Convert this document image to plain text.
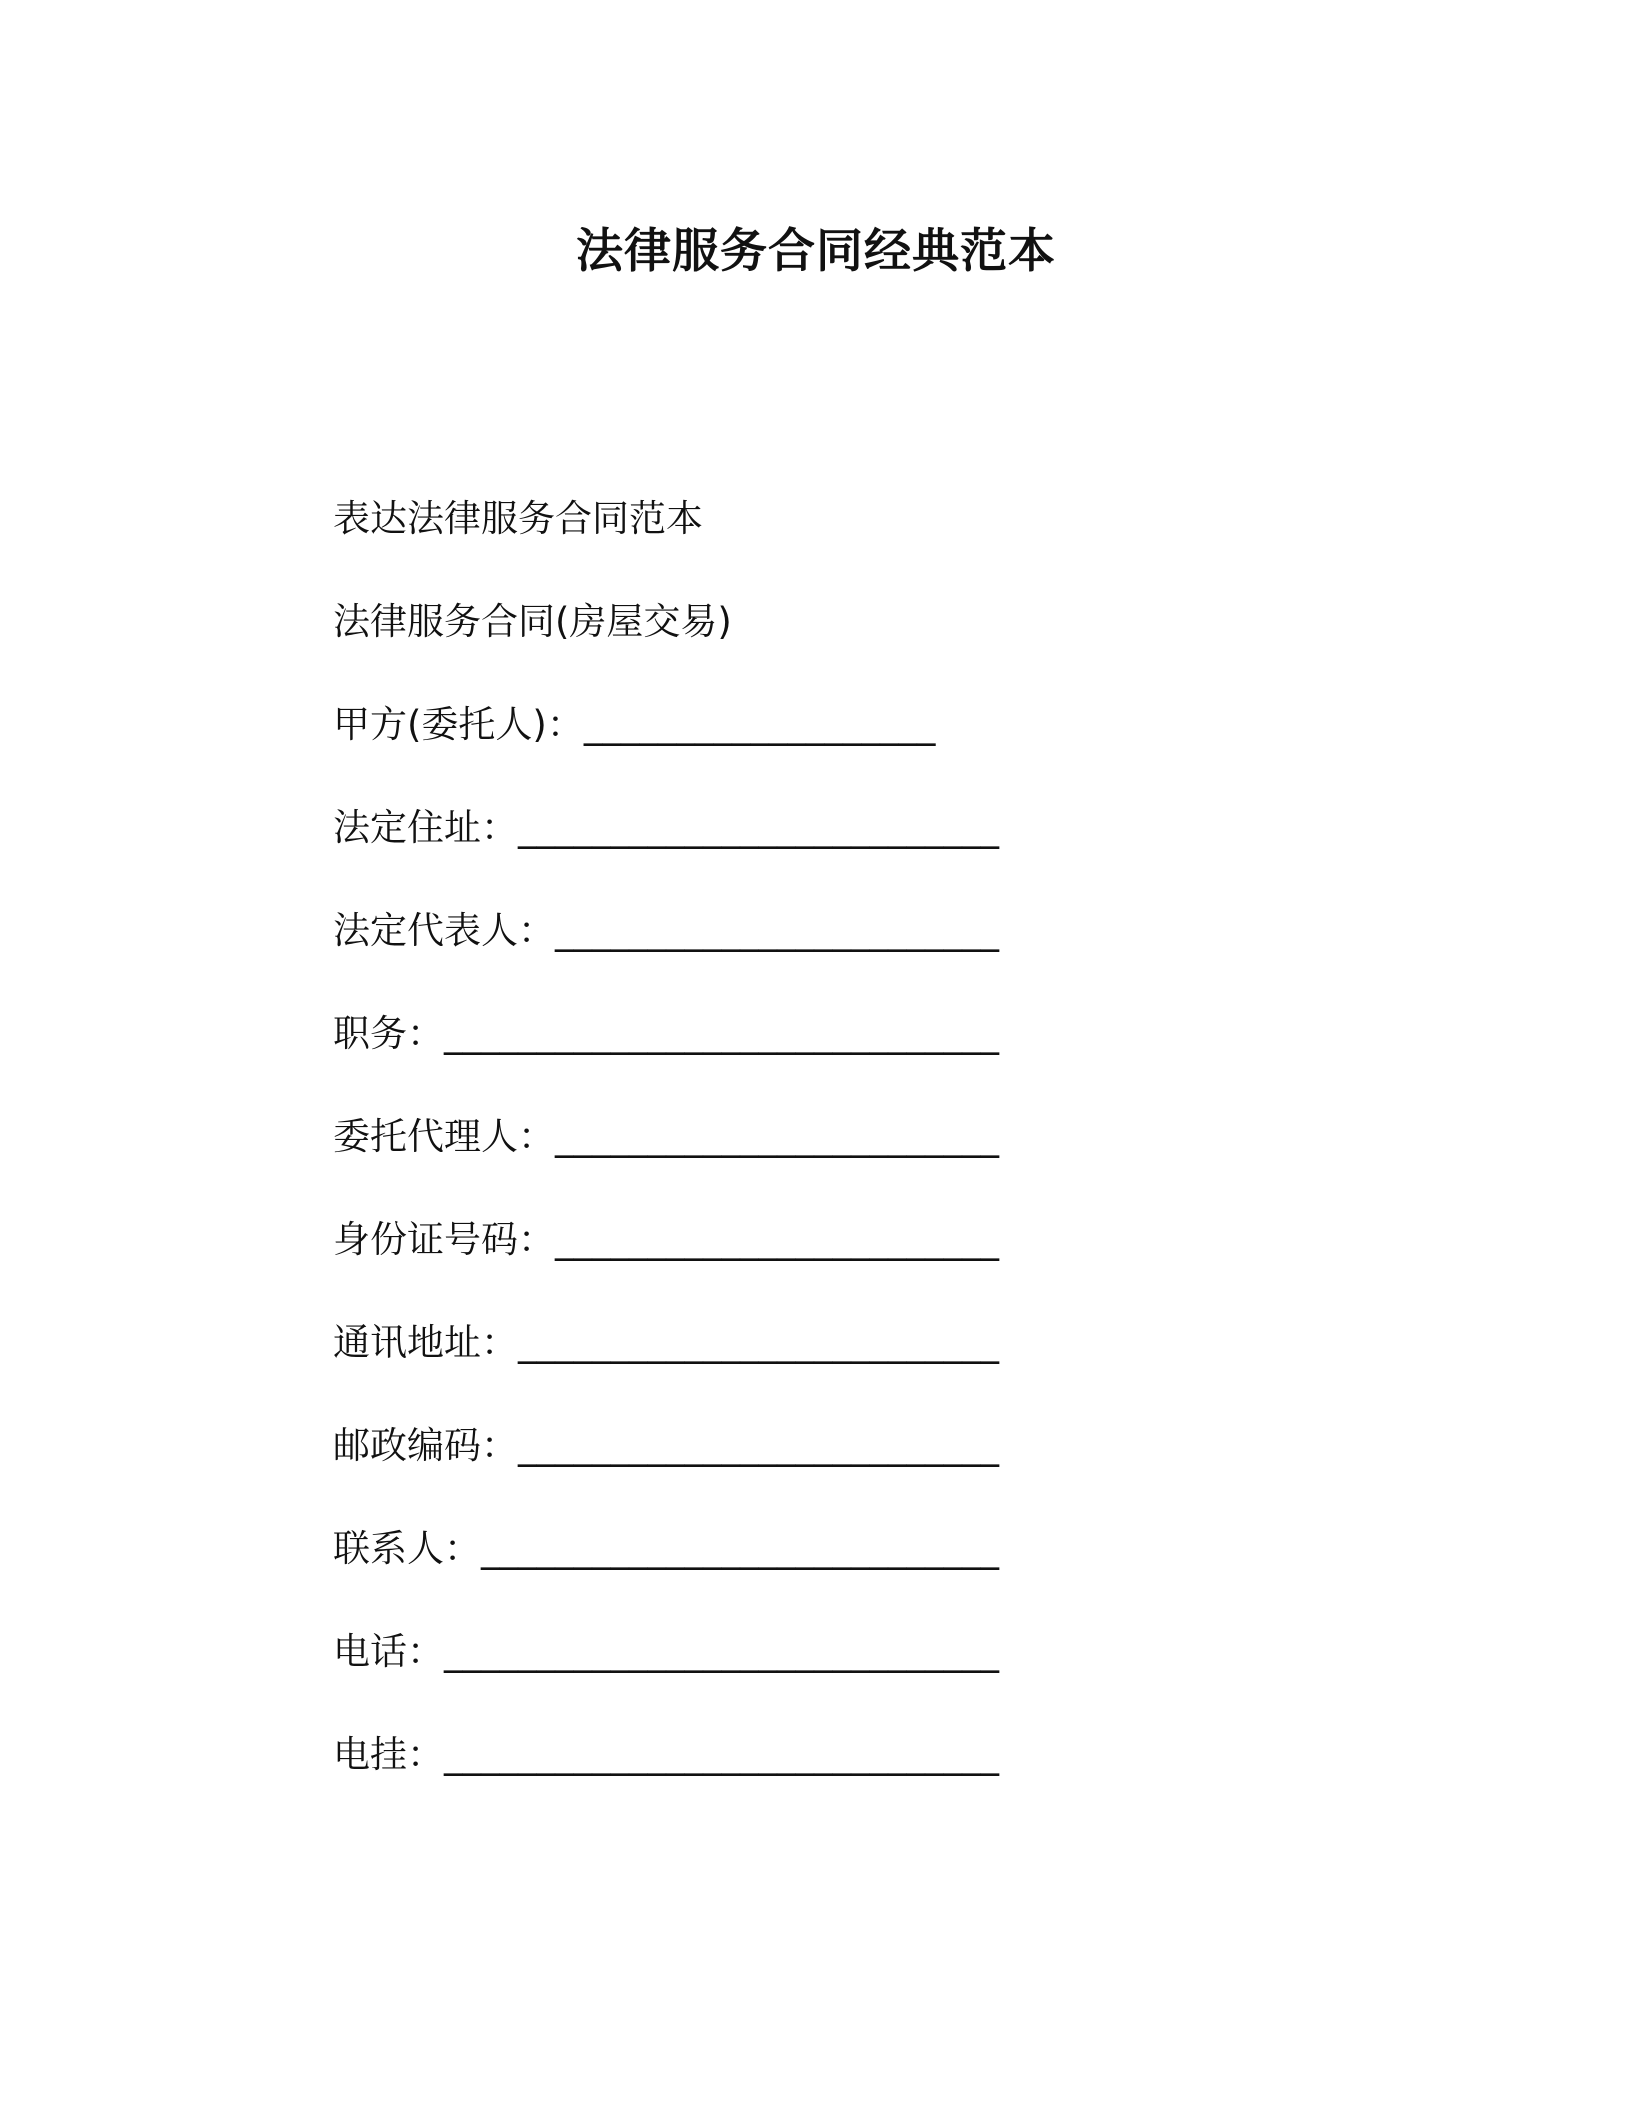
法律服务合同经典范本

表达法律服务合同范本

法律服务合同(房屋交易)

甲方(委托人)：___________________

法定住址：__________________________

法定代表人：________________________

职务：______________________________

委托代理人：________________________

身份证号码：________________________

通讯地址：__________________________

邮政编码：__________________________

联系人：____________________________

电话：______________________________

电挂：______________________________
